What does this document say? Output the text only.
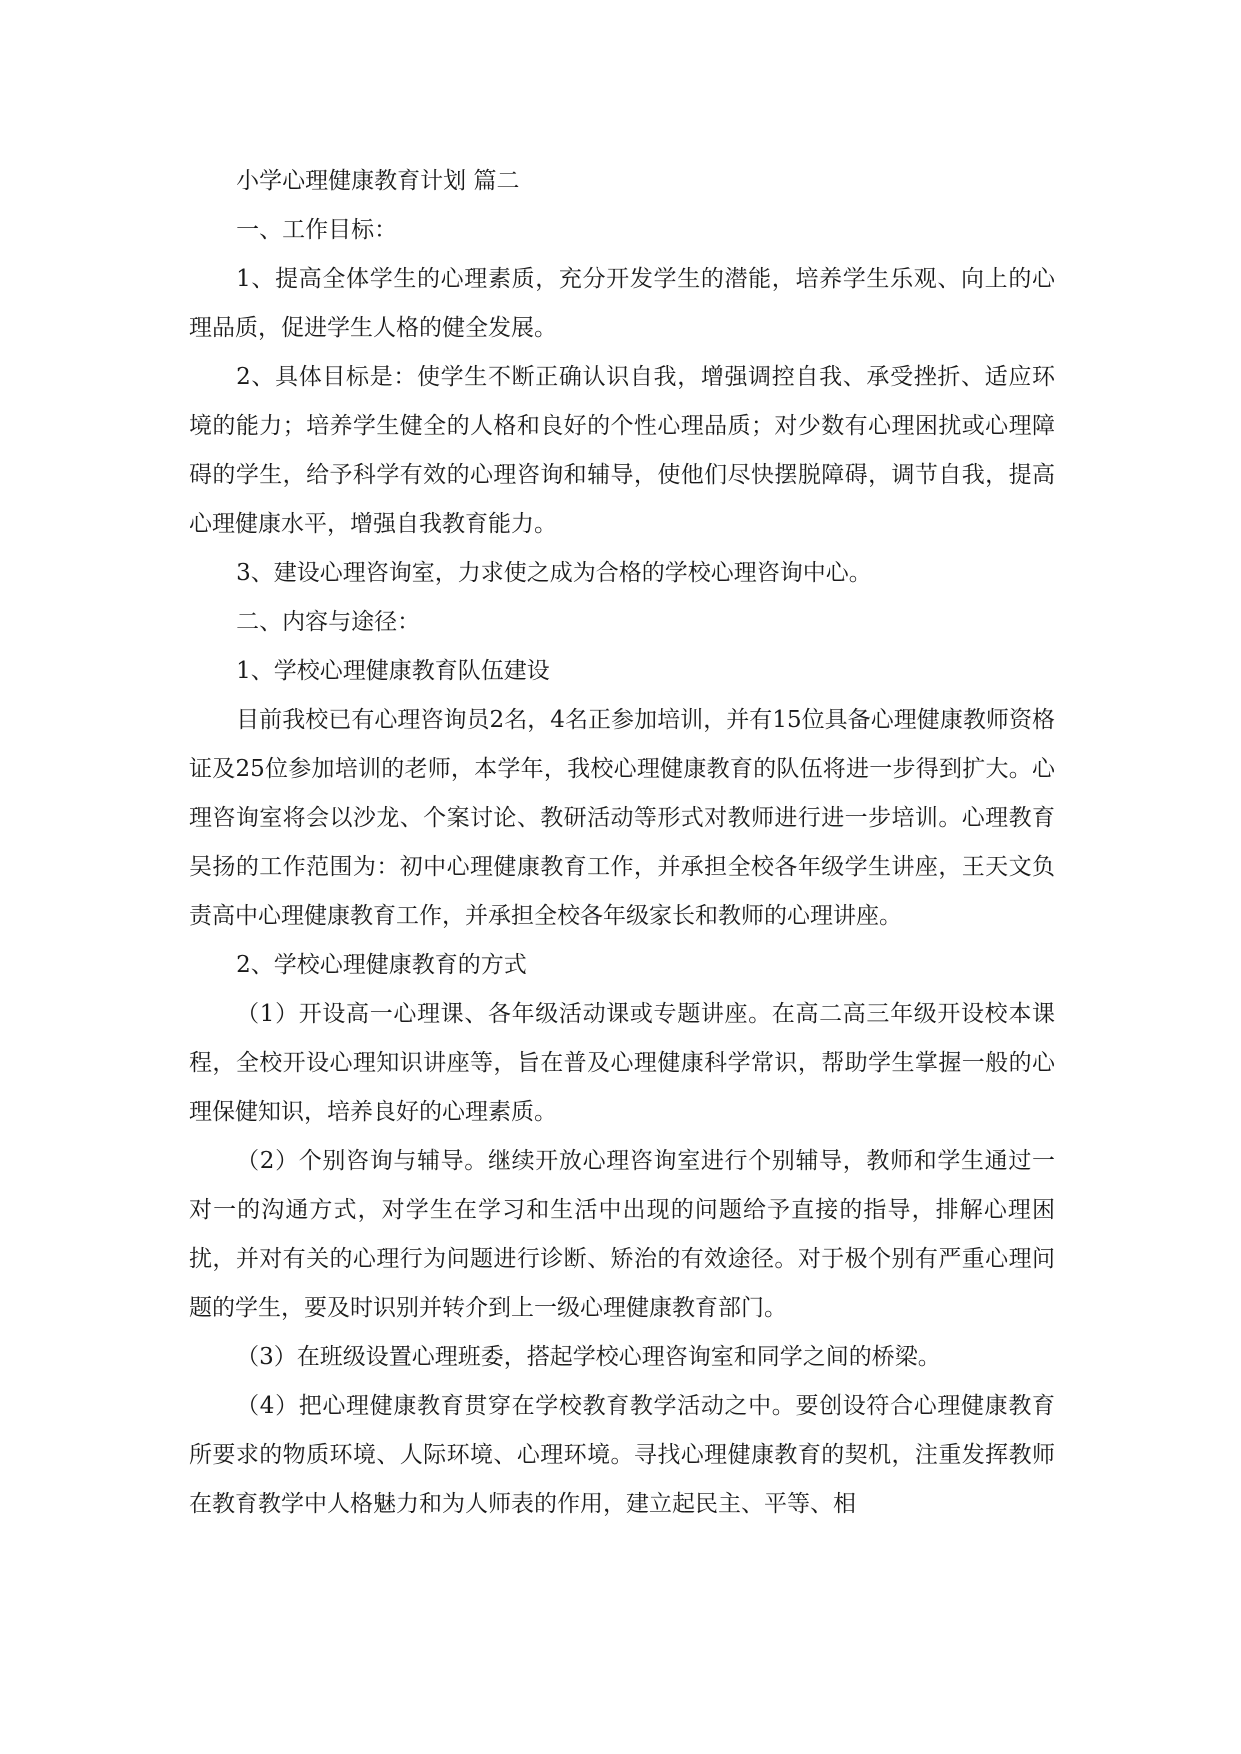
小学心理健康教育计划 篇二

一、工作目标：

1、提高全体学生的心理素质，充分开发学生的潜能，培养学生乐观、向上的心理品质，促进学生人格的健全发展。

2、具体目标是：使学生不断正确认识自我，增强调控自我、承受挫折、适应环境的能力；培养学生健全的人格和良好的个性心理品质；对少数有心理困扰或心理障碍的学生，给予科学有效的心理咨询和辅导，使他们尽快摆脱障碍，调节自我，提高心理健康水平，增强自我教育能力。

3、建设心理咨询室，力求使之成为合格的学校心理咨询中心。

二、内容与途径：

1、学校心理健康教育队伍建设

目前我校已有心理咨询员2名，4名正参加培训，并有15位具备心理健康教师资格证及25位参加培训的老师，本学年，我校心理健康教育的队伍将进一步得到扩大。心理咨询室将会以沙龙、个案讨论、教研活动等形式对教师进行进一步培训。心理教育吴扬的工作范围为：初中心理健康教育工作，并承担全校各年级学生讲座，王天文负责高中心理健康教育工作，并承担全校各年级家长和教师的心理讲座。

2、学校心理健康教育的方式

（1）开设高一心理课、各年级活动课或专题讲座。在高二高三年级开设校本课程，全校开设心理知识讲座等，旨在普及心理健康科学常识，帮助学生掌握一般的心理保健知识，培养良好的心理素质。

（2）个别咨询与辅导。继续开放心理咨询室进行个别辅导，教师和学生通过一对一的沟通方式，对学生在学习和生活中出现的问题给予直接的指导，排解心理困扰，并对有关的心理行为问题进行诊断、矫治的有效途径。对于极个别有严重心理问题的学生，要及时识别并转介到上一级心理健康教育部门。

（3）在班级设置心理班委，搭起学校心理咨询室和同学之间的桥梁。

（4）把心理健康教育贯穿在学校教育教学活动之中。要创设符合心理健康教育所要求的物质环境、人际环境、心理环境。寻找心理健康教育的契机，注重发挥教师在教育教学中人格魅力和为人师表的作用，建立起民主、平等、相
